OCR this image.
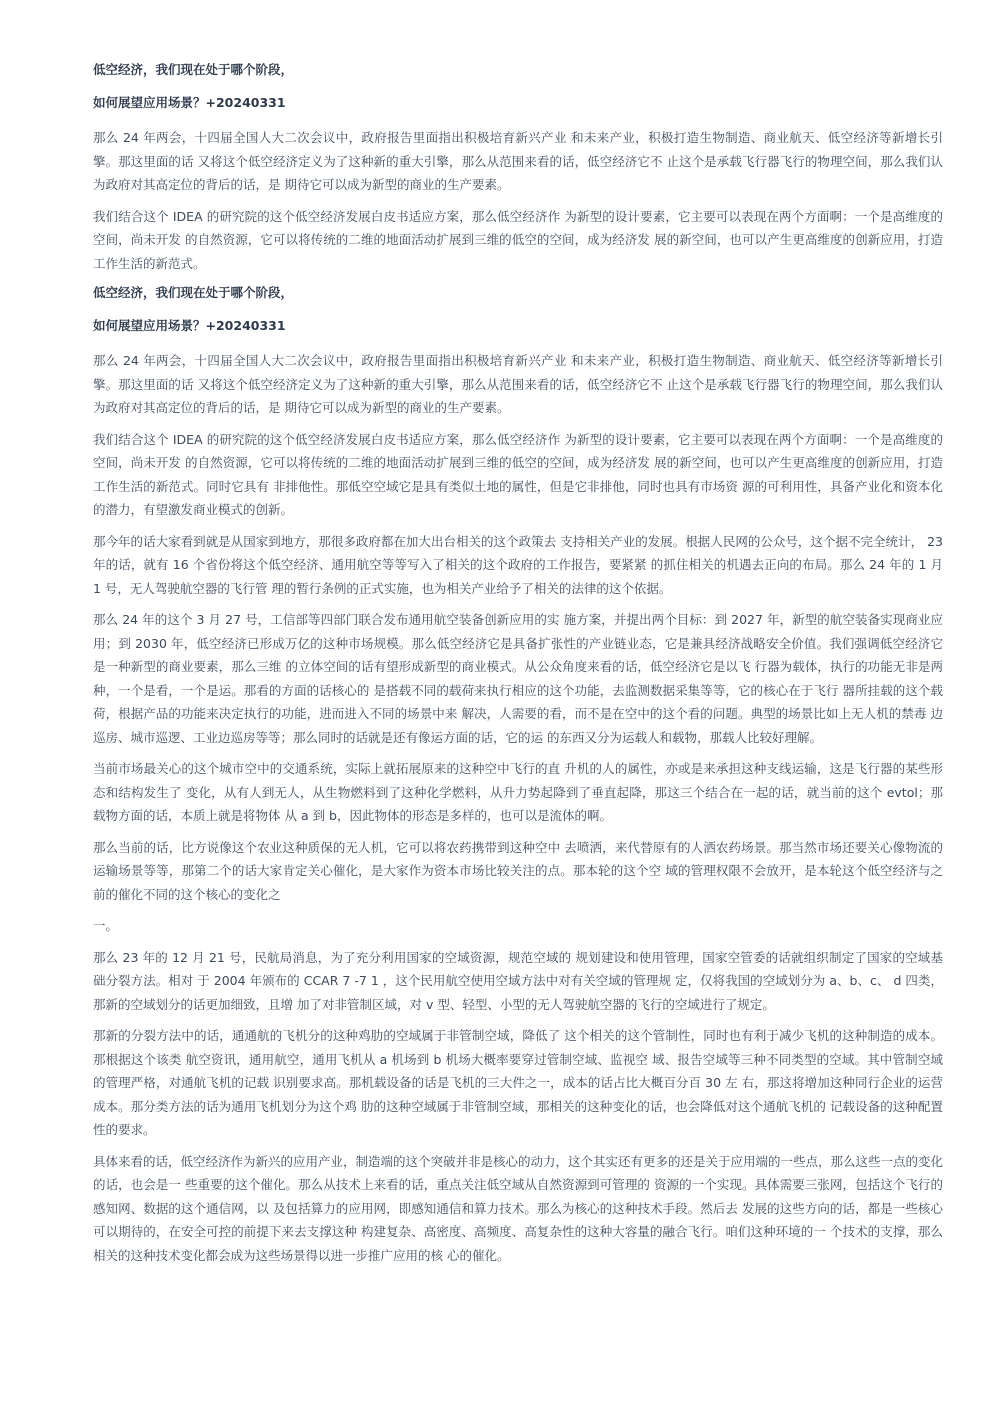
低空经济，我们现在处于哪个阶段，
如何展望应用场景？+20240331

那么 24 年两会，十四届全国人大二次会议中，政府报告里面指出积极培育新兴产业 和未来产业，积极打造生物制造、商业航天、低空经济等新增长引擎。那这里面的话 又将这个低空经济定义为了这种新的重大引擎，那么从范围来看的话，低空经济它不 止这个是承载飞行器飞行的物理空间，那么我们认为政府对其高定位的背后的话，是 期待它可以成为新型的商业的生产要素。

我们结合这个 IDEA 的研究院的这个低空经济发展白皮书适应方案，那么低空经济作 为新型的设计要素，它主要可以表现在两个方面啊：一个是高维度的空间，尚未开发 的自然资源，它可以将传统的二维的地面活动扩展到三维的低空的空间，成为经济发 展的新空间，也可以产生更高维度的创新应用，打造工作生活的新范式。

低空经济，我们现在处于哪个阶段，
如何展望应用场景？+20240331

那么 24 年两会，十四届全国人大二次会议中，政府报告里面指出积极培育新兴产业 和未来产业，积极打造生物制造、商业航天、低空经济等新增长引擎。那这里面的话 又将这个低空经济定义为了这种新的重大引擎，那么从范围来看的话，低空经济它不 止这个是承载飞行器飞行的物理空间，那么我们认为政府对其高定位的背后的话，是 期待它可以成为新型的商业的生产要素。

我们结合这个 IDEA 的研究院的这个低空经济发展白皮书适应方案，那么低空经济作 为新型的设计要素，它主要可以表现在两个方面啊：一个是高维度的空间，尚未开发 的自然资源，它可以将传统的二维的地面活动扩展到三维的低空的空间，成为经济发 展的新空间，也可以产生更高维度的创新应用，打造工作生活的新范式。同时它具有 非排他性。那低空空域它是具有类似土地的属性，但是它非排他，同时也具有市场资 源的可利用性，具备产业化和资本化的潜力，有望激发商业模式的创新。

那今年的话大家看到就是从国家到地方，那很多政府都在加大出台相关的这个政策去 支持相关产业的发展。根据人民网的公众号，这个据不完全统计， 23 年的话，就有 16 个省份将这个低空经济、通用航空等等写入了相关的这个政府的工作报告，要紧紧 的抓住相关的机遇去正向的布局。那么 24 年的 1 月 1 号，无人驾驶航空器的飞行管 理的暂行条例的正式实施，也为相关产业给予了相关的法律的这个依据。

那么 24 年的这个 3 月 27 号，工信部等四部门联合发布通用航空装备创新应用的实 施方案，并提出两个目标：到 2027 年，新型的航空装备实现商业应用；到 2030 年，低空经济已形成万亿的这种市场规模。那么低空经济它是具备扩张性的产业链业态，它是兼具经济战略安全价值。我们强调低空经济它是一种新型的商业要素，那么三维 的立体空间的话有望形成新型的商业模式。从公众角度来看的话，低空经济它是以飞 行器为载体，执行的功能无非是两种，一个是看，一个是运。那看的方面的话核心的 是搭载不同的载荷来执行相应的这个功能，去监测数据采集等等，它的核心在于飞行 器所挂载的这个载荷，根据产品的功能来决定执行的功能，进而进入不同的场景中来 解决，人需要的看，而不是在空中的这个看的问题。典型的场景比如上无人机的禁毒 边巡房、城市巡逻、工业边巡房等等；那么同时的话就是还有像运方面的话，它的运 的东西又分为运载人和载物，那载人比较好理解。

当前市场最关心的这个城市空中的交通系统，实际上就拓展原来的这种空中飞行的直 升机的人的属性，亦或是来承担这种支线运输，这是飞行器的某些形态和结构发生了 变化，从有人到无人，从生物燃料到了这种化学燃料，从升力势起降到了垂直起降，那这三个结合在一起的话，就当前的这个 evtol；那载物方面的话，本质上就是将物体 从 a 到 b，因此物体的形态是多样的，也可以是流体的啊。

那么当前的话，比方说像这个农业这种质保的无人机，它可以将农药携带到这种空中 去喷洒，来代替原有的人洒农药场景。那当然市场还要关心像物流的运输场景等等，那第二个的话大家肯定关心催化，是大家作为资本市场比较关注的点。那本轮的这个空 域的管理权限不会放开，是本轮这个低空经济与之前的催化不同的这个核心的变化之

一。

那么 23 年的 12 月 21 号，民航局消息，为了充分利用国家的空域资源，规范空域的 规划建设和使用管理，国家空管委的话就组织制定了国家的空域基础分裂方法。相对 于 2004 年颁布的 CCAR 7 -7 1 ，这个民用航空使用空域方法中对有关空域的管理规 定，仅将我国的空域划分为 a、b、c、 d 四类，那新的空域划分的话更加细致，且增 加了对非管制区域，对 v 型、轻型、小型的无人驾驶航空器的飞行的空域进行了规定。

那新的分裂方法中的话，通通航的飞机分的这种鸡肋的空域属于非管制空域，降低了 这个相关的这个管制性，同时也有利于减少飞机的这种制造的成本。那根据这个该类 航空资讯，通用航空，通用飞机从 a 机场到 b 机场大概率要穿过管制空域、监视空 域、报告空域等三种不同类型的空域。其中管制空域的管理严格，对通航飞机的记载 识别要求高。那机载设备的话是飞机的三大件之一，成本的话占比大概百分百 30 左 右，那这将增加这种同行企业的运营成本。那分类方法的话为通用飞机划分为这个鸡 肋的这种空域属于非管制空域，那相关的这种变化的话，也会降低对这个通航飞机的 记载设备的这种配置性的要求。

具体来看的话，低空经济作为新兴的应用产业，制造端的这个突破并非是核心的动力，这个其实还有更多的还是关于应用端的一些点，那么这些一点的变化的话，也会是一 些重要的这个催化。那么从技术上来看的话，重点关注低空域从自然资源到可管理的 资源的一个实现。具体需要三张网，包括这个飞行的感知网、数据的这个通信网，以 及包括算力的应用网，即感知通信和算力技术。那么为核心的这种技术手段。然后去 发展的这些方向的话，都是一些核心可以期待的，在安全可控的前提下来去支撑这种 构建复杂、高密度、高频度、高复杂性的这种大容量的融合飞行。咱们这种环境的一 个技术的支撑，那么相关的这种技术变化都会成为这些场景得以进一步推广应用的核 心的催化。
